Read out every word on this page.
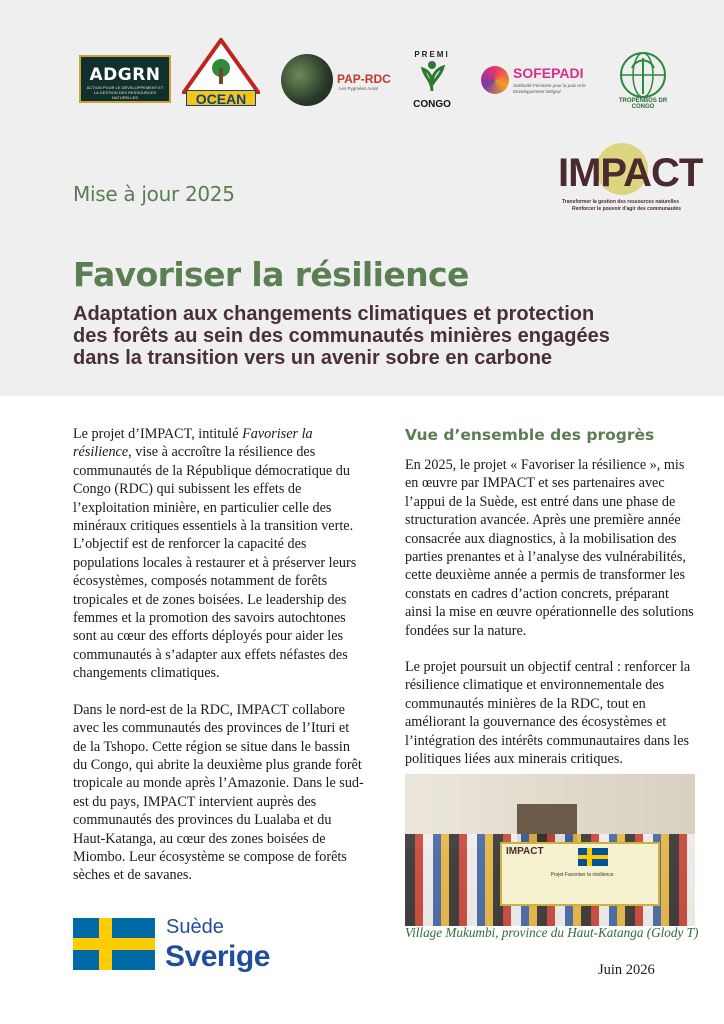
ADGRN
ACTION POUR LE DÉVELOPPEMENT ET LA GESTION DES RESSOURCES NATURELLES	OCEAN
PAP-RDC
Les Pygmées Aussi
PREMI
CONGO
SOFEPADI
Solidarité Féminine pour la paix et le Développement intégral
TROPENBOS DR CONGO
IMPACT
Transformer la gestion des ressources naturelles
Renforcer le pouvoir d'agir des communautés
Mise à jour 2025
Favoriser la résilience
Adaptation aux changements climatiques et protection des forêts au sein des communautés minières engagées dans la transition vers un avenir sobre en carbone

Le projet d’IMPACT, intitulé Favoriser la résilience, vise à accroître la résilience des communautés de la République démocratique du Congo (RDC) qui subissent les effets de l’exploitation minière, en particulier celle des minéraux critiques essentiels à la transition verte. L’objectif est de renforcer la capacité des populations locales à restaurer et à préserver leurs écosystèmes, composés notamment de forêts tropicales et de zones boisées. Le leadership des femmes et la promotion des savoirs autochtones sont au cœur des efforts déployés pour aider les communautés à s’adapter aux effets néfastes des changements climatiques.

Dans le nord-est de la RDC, IMPACT collabore avec les communautés des provinces de l’Ituri et de la Tshopo. Cette région se situe dans le bassin du Congo, qui abrite la deuxième plus grande forêt tropicale au monde après l’Amazonie. Dans le sud-est du pays, IMPACT intervient auprès des communautés des provinces du Lualaba et du Haut-Katanga, au cœur des zones boisées de Miombo. Leur écosystème se compose de forêts sèches et de savanes.

Vue d’ensemble des progrès

En 2025, le projet « Favoriser la résilience », mis en œuvre par IMPACT et ses partenaires avec l’appui de la Suède, est entré dans une phase de structuration avancée. Après une première année consacrée aux diagnostics, à la mobilisation des parties prenantes et à l’analyse des vulnérabilités, cette deuxième année a permis de transformer les constats en cadres d’action concrets, préparant ainsi la mise en œuvre opérationnelle des solutions fondées sur la nature.

Le projet poursuit un objectif central : renforcer la résilience climatique et environnementale des communautés minières de la RDC, tout en améliorant la gouvernance des écosystèmes et l’intégration des intérêts communautaires dans les politiques liées aux minerais critiques.

IMPACT
Projet Favoriser la résilience
Village Mukumbi, province du Haut-Katanga (Glody T)
Suède
Sverige	Juin 2026
